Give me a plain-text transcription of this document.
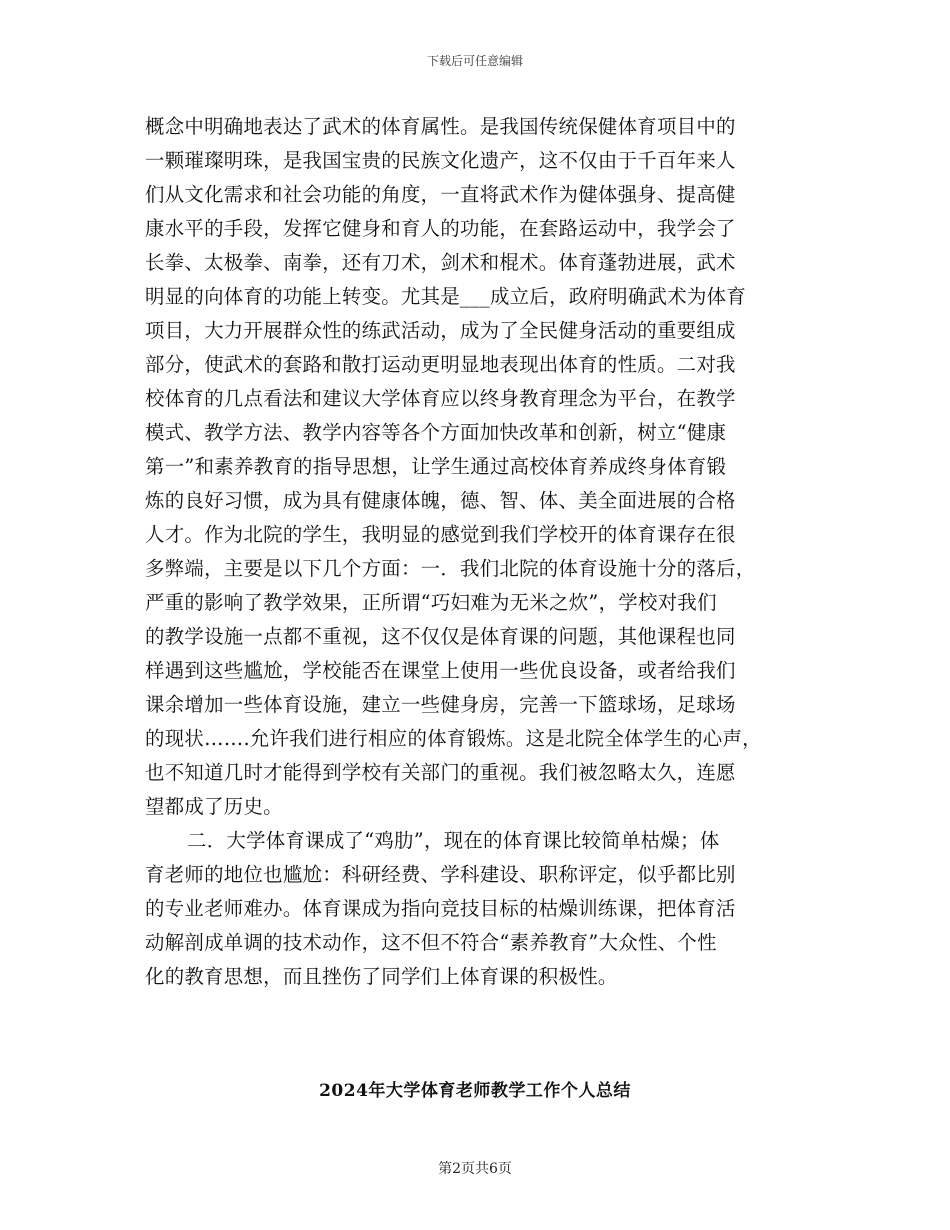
下载后可任意编辑
概念中明确地表达了武术的体育属性。是我国传统保健体育项目中的
一颗璀璨明珠，是我国宝贵的民族文化遗产，这不仅由于千百年来人
们从文化需求和社会功能的角度，一直将武术作为健体强身、提高健
康水平的手段，发挥它健身和育人的功能，在套路运动中，我学会了
长拳、太极拳、南拳，还有刀术，剑术和棍术。体育蓬勃进展，武术
明显的向体育的功能上转变。尤其是___成立后，政府明确武术为体育
项目，大力开展群众性的练武活动，成为了全民健身活动的重要组成
部分，使武术的套路和散打运动更明显地表现出体育的性质。二对我
校体育的几点看法和建议大学体育应以终身教育理念为平台，在教学
模式、教学方法、教学内容等各个方面加快改革和创新，树立“健康
第一”和素养教育的指导思想，让学生通过高校体育养成终身体育锻
炼的良好习惯，成为具有健康体魄，德、智、体、美全面进展的合格
人才。作为北院的学生，我明显的感觉到我们学校开的体育课存在很
多弊端，主要是以下几个方面：一．我们北院的体育设施十分的落后，
严重的影响了教学效果，正所谓“巧妇难为无米之炊”，学校对我们
的教学设施一点都不重视，这不仅仅是体育课的问题，其他课程也同
样遇到这些尴尬，学校能否在课堂上使用一些优良设备，或者给我们
课余增加一些体育设施，建立一些健身房，完善一下篮球场，足球场
的现状…….允许我们进行相应的体育锻炼。这是北院全体学生的心声，
也不知道几时才能得到学校有关部门的重视。我们被忽略太久，连愿
望都成了历史。
二．大学体育课成了“鸡肋”，现在的体育课比较简单枯燥；体
育老师的地位也尴尬：科研经费、学科建设、职称评定，似乎都比别
的专业老师难办。体育课成为指向竞技目标的枯燥训练课，把体育活
动解剖成单调的技术动作，这不但不符合“素养教育”大众性、个性
化的教育思想，而且挫伤了同学们上体育课的积极性。
2024年大学体育老师教学工作个人总结
第2页共6页
